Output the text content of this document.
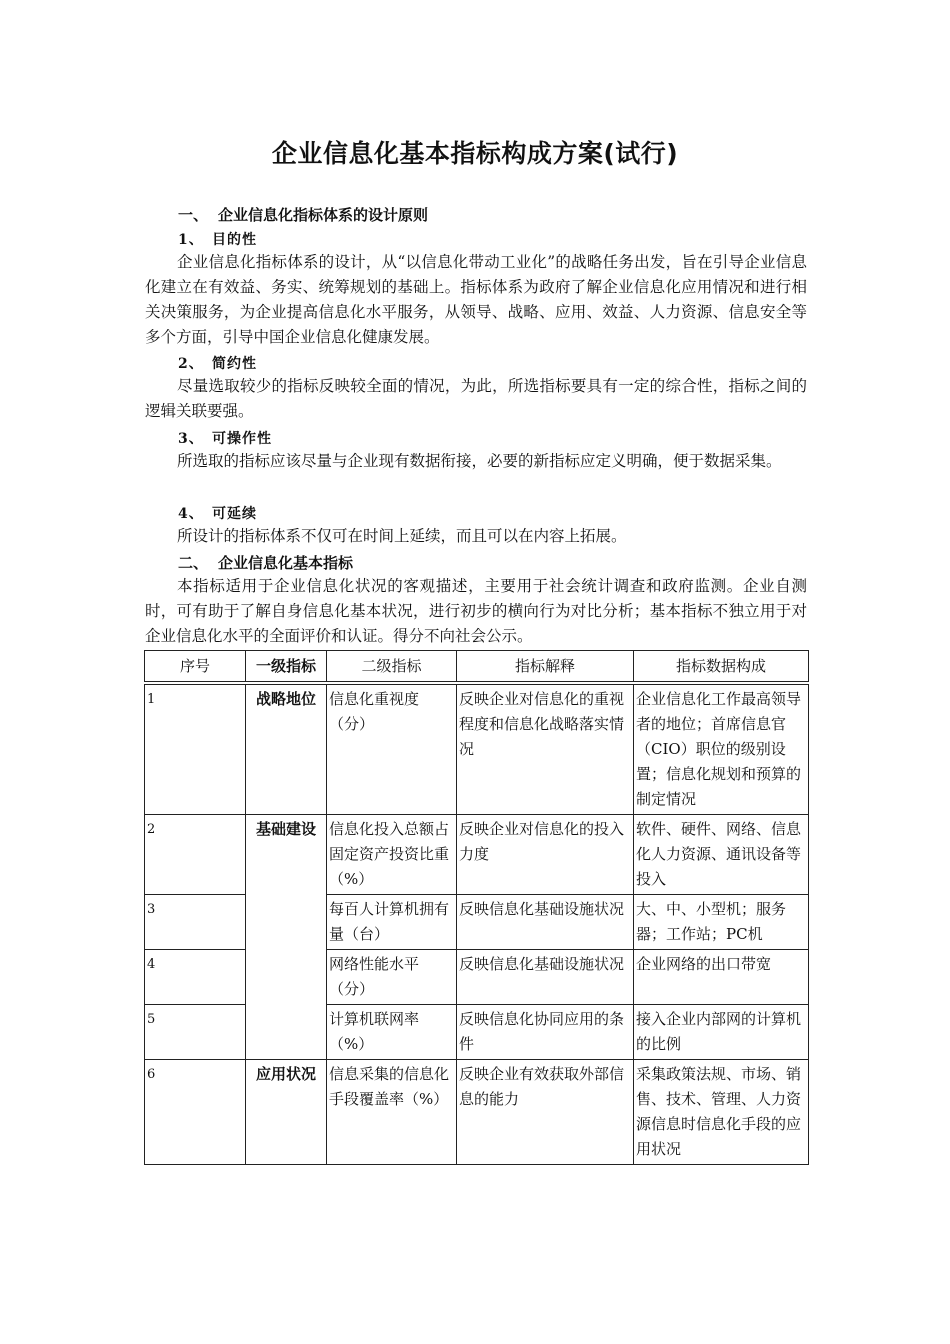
企业信息化基本指标构成方案(试行)
一、 企业信息化指标体系的设计原则
1、 目的性
企业信息化指标体系的设计，从“以信息化带动工业化”的战略任务出发，旨在引导企业信息化建立在有效益、务实、统筹规划的基础上。指标体系为政府了解企业信息化应用情况和进行相关决策服务，为企业提高信息化水平服务，从领导、战略、应用、效益、人力资源、信息安全等多个方面，引导中国企业信息化健康发展。
2、 简约性
尽量选取较少的指标反映较全面的情况，为此，所选指标要具有一定的综合性，指标之间的逻辑关联要强。
3、 可操作性
所选取的指标应该尽量与企业现有数据衔接，必要的新指标应定义明确，便于数据采集。
4、 可延续
所设计的指标体系不仅可在时间上延续，而且可以在内容上拓展。
二、 企业信息化基本指标
本指标适用于企业信息化状况的客观描述，主要用于社会统计调查和政府监测。企业自测时，可有助于了解自身信息化基本状况，进行初步的横向行为对比分析；基本指标不独立用于对企业信息化水平的全面评价和认证。得分不向社会公示。
序号	一级指标	二级指标	指标解释	指标数据构成
1	战略地位	信息化重视度（分）	反映企业对信息化的重视程度和信息化战略落实情况	企业信息化工作最高领导者的地位；首席信息官（CIO）职位的级别设置；信息化规划和预算的制定情况
2	基础建设	信息化投入总额占固定资产投资比重（%）	反映企业对信息化的投入力度	软件、硬件、网络、信息化人力资源、通讯设备等投入
3		每百人计算机拥有量（台）	反映信息化基础设施状况	大、中、小型机；服务器；工作站；PC机
4		网络性能水平（分）	反映信息化基础设施状况	企业网络的出口带宽
5		计算机联网率（%）	反映信息化协同应用的条件	接入企业内部网的计算机的比例
6	应用状况	信息采集的信息化手段覆盖率（%）	反映企业有效获取外部信息的能力	采集政策法规、市场、销售、技术、管理、人力资源信息时信息化手段的应用状况
